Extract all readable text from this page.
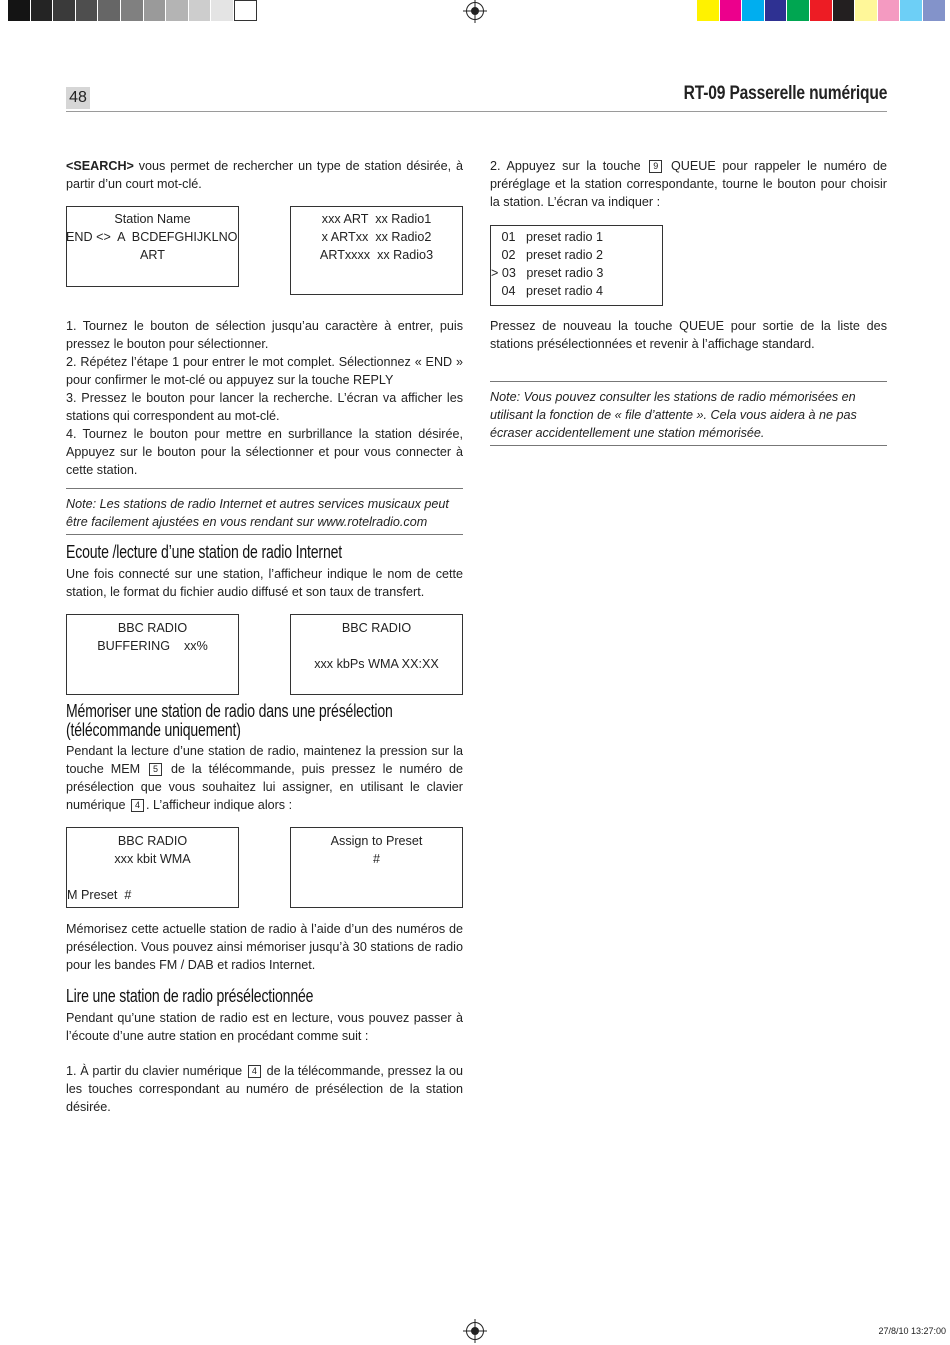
48	RT-09 Passerelle numérique
<SEARCH> vous permet de rechercher un type de station désirée, à partir d’un court mot-clé.
Station Name
END <>  A  BCDEFGHIJKLNO
ART
xxx ART  xx Radio1
x ARTxx  xx Radio2
ARTxxxx  xx Radio3
1. Tournez le bouton de sélection jusqu’au caractère à entrer, puis pressez le bouton pour sélectionner.
2. Répétez l’étape 1 pour entrer le mot complet. Sélectionnez « END » pour confirmer le mot-clé ou appuyez sur la touche REPLY
3. Pressez le bouton pour lancer la recherche. L’écran va afficher les stations qui correspondent au mot-clé.
4. Tournez le bouton pour mettre en surbrillance la station désirée, Appuyez sur le bouton pour la sélectionner et pour vous connecter à cette station.
Note: Les stations de radio Internet et autres services musicaux peut être facilement ajustées en vous rendant sur www.rotelradio.com
Ecoute /lecture d’une station de radio Internet
Une fois connecté sur une station, l’afficheur indique le nom de cette station, le format du fichier audio diffusé et son taux de transfert.
BBC RADIO
BUFFERING    xx%
BBC RADIO
xxx kbPs WMA XX:XX
Mémoriser une station de radio dans une présélection
(télécommande uniquement)
Pendant la lecture d’une station de radio, maintenez la pression sur la touche MEM 5 de la télécommande, puis pressez le numéro de présélection que vous souhaitez lui assigner, en utilisant le clavier numérique 4 . L’afficheur indique alors :
BBC RADIO
xxx kbit WMA
M Preset  #
Assign to Preset
#
Mémorisez cette actuelle station de radio à l’aide d’un des numéros de présélection. Vous pouvez ainsi mémoriser jusqu’à 30 stations de radio pour les bandes FM / DAB et radios Internet.
Lire une station de radio présélectionnée
Pendant qu’une station de radio est en lecture, vous pouvez passer à l’écoute d’une autre station en procédant comme suit :
1. À partir du clavier numérique 4 de la télécommande, pressez la ou les touches correspondant au numéro de présélection de la station désirée.
2. Appuyez sur la touche 9 QUEUE pour rappeler le numéro de préréglage et la station correspondante, tourne le bouton pour choisir la station. L’écran va indiquer :
01   preset radio 1
02   preset radio 2
> 03   preset radio 3
04   preset radio 4
Pressez de nouveau la touche QUEUE pour sortie de la liste des stations présélectionnées et revenir à l’affichage standard.
Note: Vous pouvez consulter les stations de radio mémorisées en utilisant la fonction de « file d’attente ». Cela vous aidera à ne pas écraser accidentellement une station mémorisée.
27/8/10 13:27:00
